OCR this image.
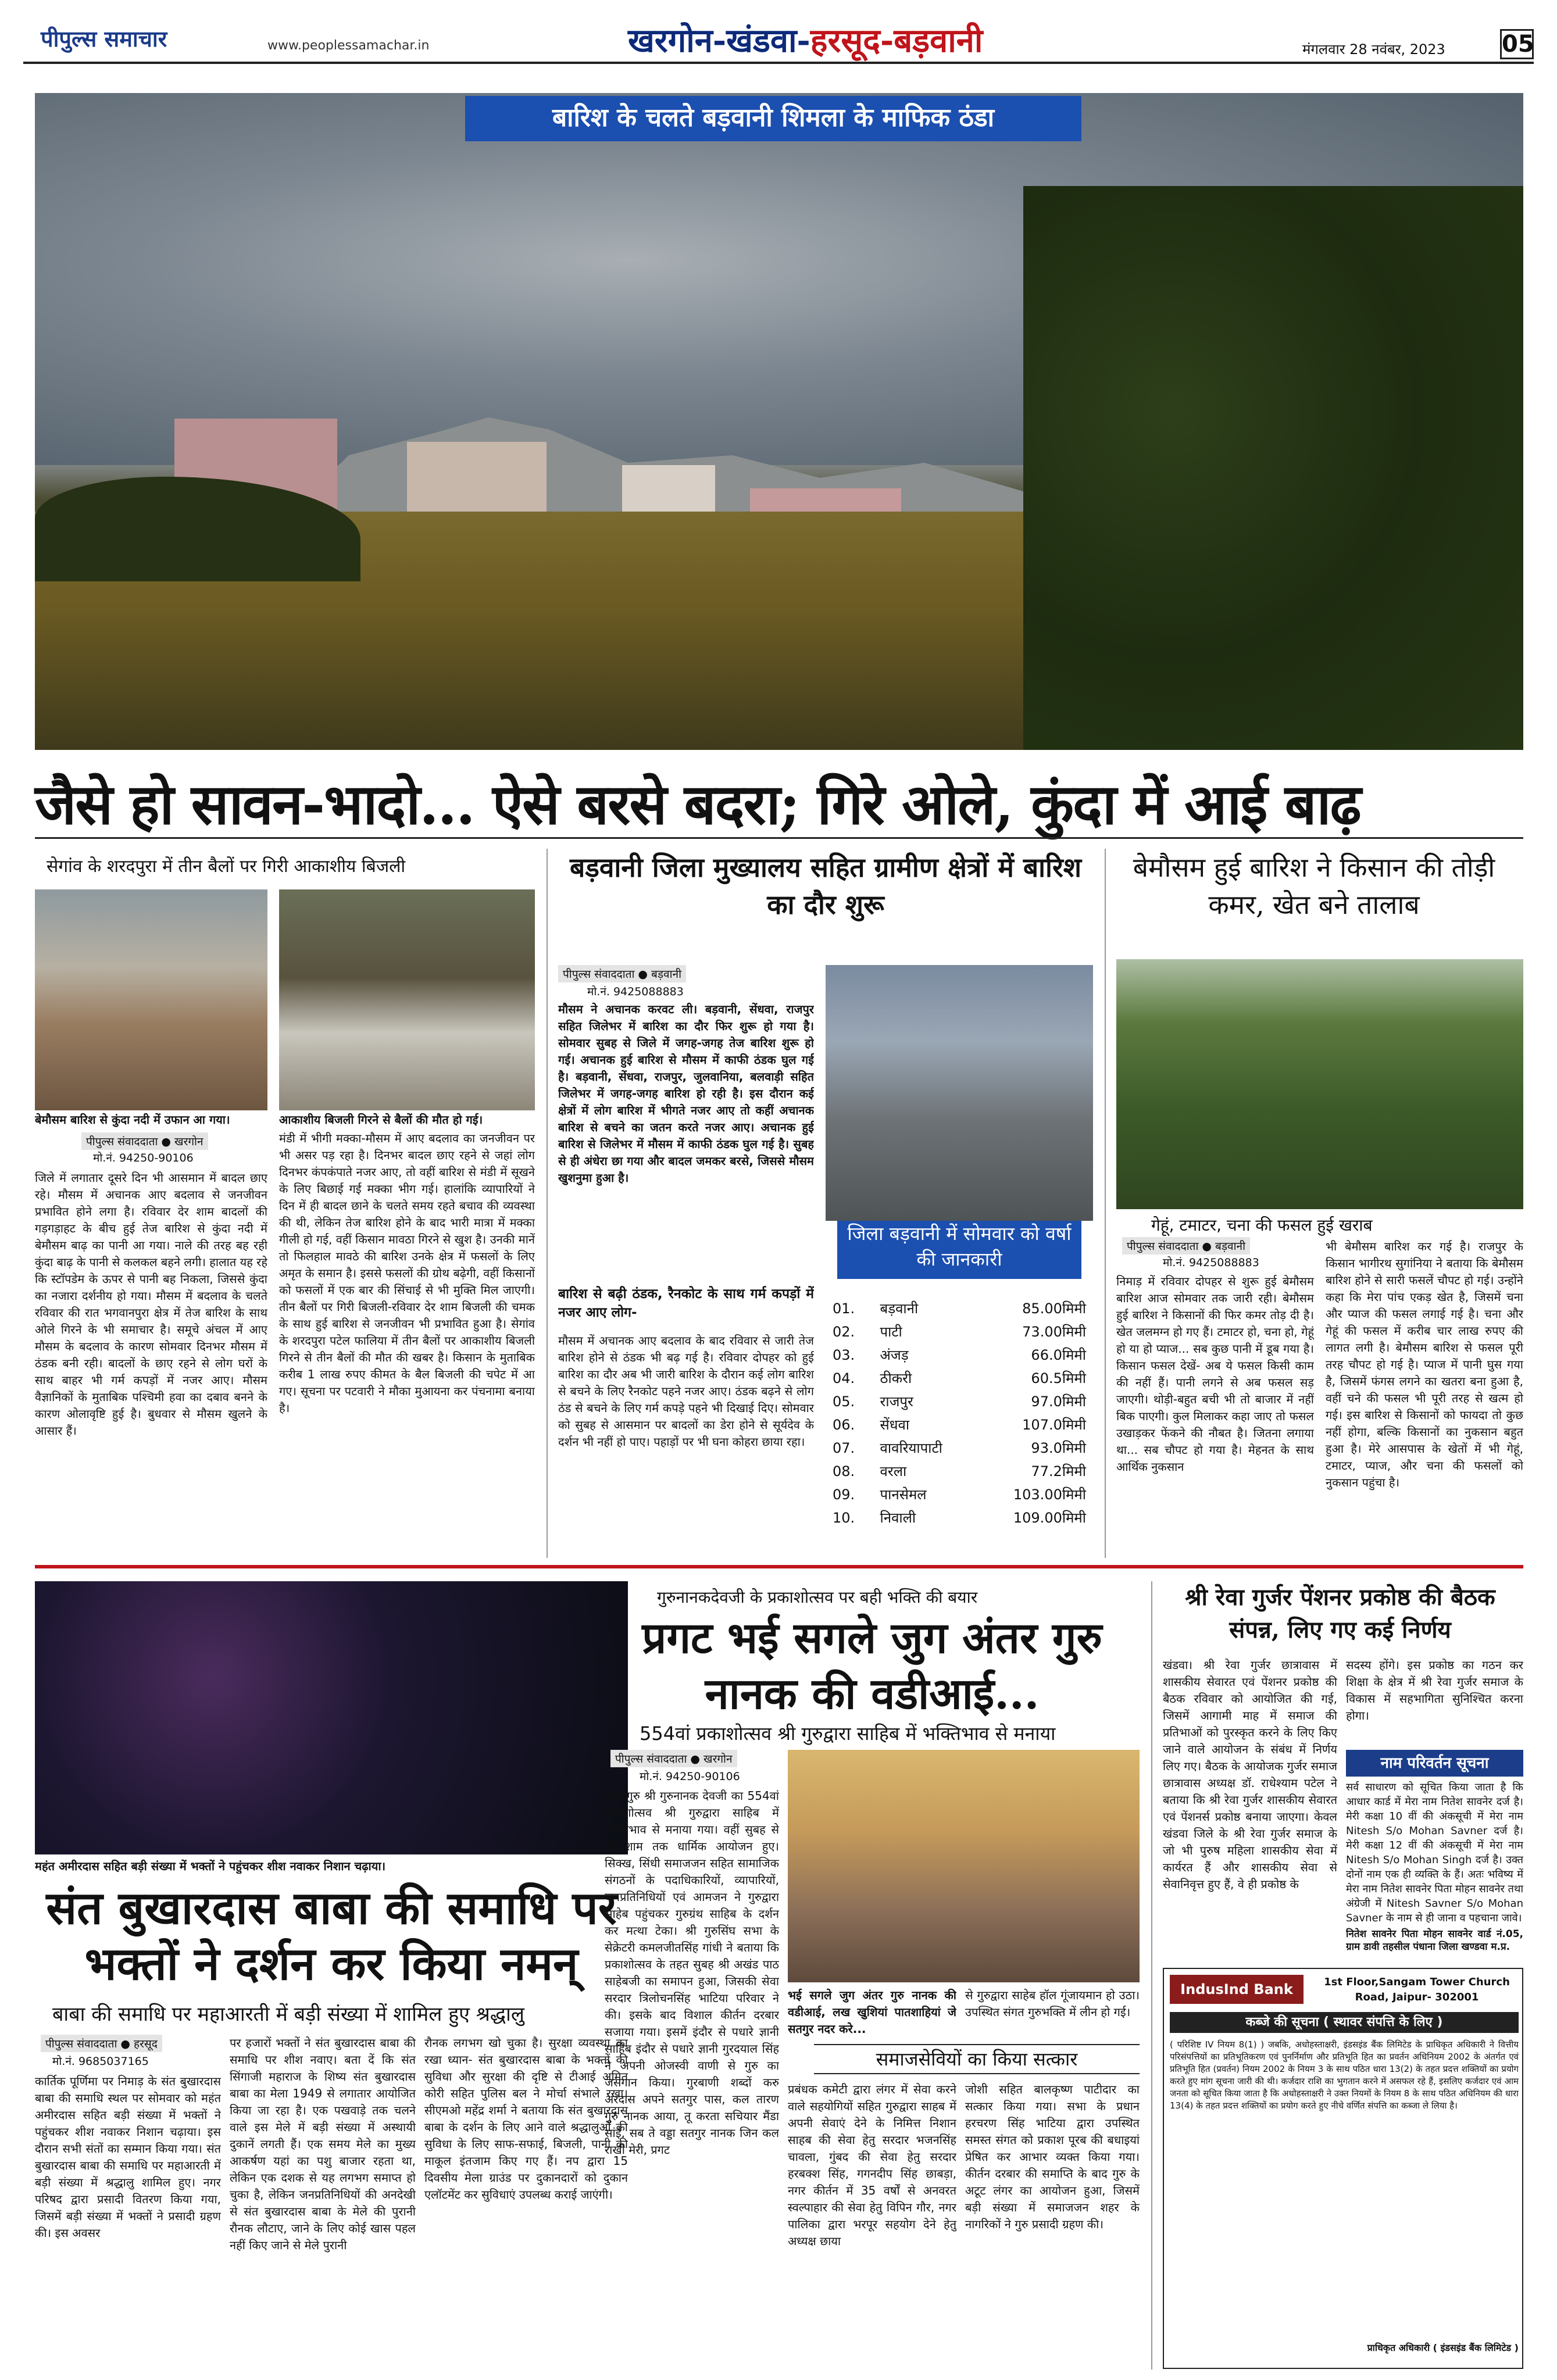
पीपुल्स समाचार	www.peoplessamachar.in	खरगोन-खंडवा-हरसूद-बड़वानी	मंगलवार 28 नवंबर, 2023 05
बारिश के चलते बड़वानी शिमला के माफिक ठंडा
जैसे हो सावन-भादो... ऐसे बरसे बदरा; गिरे ओले, कुंदा में आई बाढ़
सेगांव के शरदपुरा में तीन बैलों पर गिरी आकाशीय बिजली
बेमौसम बारिश से कुंदा नदी में उफान आ गया।	आकाशीय बिजली गिरने से बैलों की मौत हो गई।
पीपुल्स संवाददाता ● खरगोन
मो.नं. 94250-90106
जिले में लगातार दूसरे दिन भी आसमान में बादल छाए रहे। मौसम में अचानक आए बदलाव से जनजीवन प्रभावित होने लगा है। रविवार देर शाम बादलों की गड़गड़ाहट के बीच हुई तेज बारिश से कुंदा नदी में बेमौसम बाढ़ का पानी आ गया। नाले की तरह बह रही कुंदा बाढ़ के पानी से कलकल बहने लगी। हालात यह रहे कि स्टॉपडेम के ऊपर से पानी बह निकला, जिससे कुंदा का नजारा दर्शनीय हो गया। मौसम में बदलाव के चलते रविवार की रात भगवानपुरा क्षेत्र में तेज बारिश के साथ ओले गिरने के भी समाचार है। समूचे अंचल में आए मौसम के बदलाव के कारण सोमवार दिनभर मौसम में ठंडक बनी रही। बादलों के छाए रहने से लोग घरों के साथ बाहर भी गर्म कपड़ों में नजर आए। मौसम वैज्ञानिकों के मुताबिक पश्चिमी हवा का दबाव बनने के कारण ओलावृष्टि हुई है। बुधवार से मौसम खुलने के आसार हैं।
मंडी में भीगी मक्का-मौसम में आए बदलाव का जनजीवन पर भी असर पड़ रहा है। दिनभर बादल छाए रहने से जहां लोग दिनभर कंपकंपाते नजर आए, तो वहीं बारिश से मंडी में सूखने के लिए बिछाई गई मक्का भीग गई। हालांकि व्यापारियों ने दिन में ही बादल छाने के चलते समय रहते बचाव की व्यवस्था की थी, लेकिन तेज बारिश होने के बाद भारी मात्रा में मक्का गीली हो गई, वहीं किसान मावठा गिरने से खुश है। उनकी मानें तो फिलहाल मावठे की बारिश उनके क्षेत्र में फसलों के लिए अमृत के समान है। इससे फसलों की ग्रोथ बढ़ेगी, वहीं किसानों को फसलों में एक बार की सिंचाई से भी मुक्ति मिल जाएगी। तीन बैलों पर गिरी बिजली-रविवार देर शाम बिजली की चमक के साथ हुई बारिश से जनजीवन भी प्रभावित हुआ है। सेगांव के शरदपुरा पटेल फालिया में तीन बैलों पर आकाशीय बिजली गिरने से तीन बैलों की मौत की खबर है। किसान के मुताबिक करीब 1 लाख रुपए कीमत के बैल बिजली की चपेट में आ गए। सूचना पर पटवारी ने मौका मुआयना कर पंचनामा बनाया है।
बड़वानी जिला मुख्यालय सहित ग्रामीण क्षेत्रों में बारिश का दौर शुरू
पीपुल्स संवाददाता ● बड़वानी
मो.नं. 9425088883
मौसम ने अचानक करवट ली। बड़वानी, सेंधवा, राजपुर सहित जिलेभर में बारिश का दौर फिर शुरू हो गया है। सोमवार सुबह से जिले में जगह-जगह तेज बारिश शुरू हो गई। अचानक हुई बारिश से मौसम में काफी ठंडक घुल गई है। बड़वानी, सेंधवा, राजपुर, जुलवानिया, बलवाड़ी सहित जिलेभर में जगह-जगह बारिश हो रही है। इस दौरान कई क्षेत्रों में लोग बारिश में भीगते नजर आए तो कहीं अचानक बारिश से बचने का जतन करते नजर आए। अचानक हुई बारिश से जिलेभर में मौसम में काफी ठंडक घुल गई है। सुबह से ही अंधेरा छा गया और बादल जमकर बरसे, जिससे मौसम खुशनुमा हुआ है।
बारिश से बढ़ी ठंडक, रैनकोट के साथ गर्म कपड़ों में नजर आए लोग-
मौसम में अचानक आए बदलाव के बाद रविवार से जारी तेज बारिश होने से ठंडक भी बढ़ गई है। रविवार दोपहर को हुई बारिश का दौर अब भी जारी बारिश के दौरान कई लोग बारिश से बचने के लिए रैनकोट पहने नजर आए। ठंडक बढ़ने से लोग ठंड से बचने के लिए गर्म कपड़े पहने भी दिखाई दिए। सोमवार को सुबह से आसमान पर बादलों का डेरा होने से सूर्यदेव के दर्शन भी नहीं हो पाए। पहाड़ों पर भी घना कोहरा छाया रहा।
जिला बड़वानी में सोमवार को वर्षा की जानकारी
01.	बड़वानी	85.00मिमी
02.	पाटी	73.00मिमी
03.	अंजड़	66.0मिमी
04.	ठीकरी	60.5मिमी
05.	राजपुर	97.0मिमी
06.	सेंधवा	107.0मिमी
07.	वावरियापाटी	93.0मिमी
08.	वरला	77.2मिमी
09.	पानसेमल	103.00मिमी
10.	निवाली	109.00मिमी
बेमौसम हुई बारिश ने किसान की तोड़ी कमर, खेत बने तालाब
गेहूं, टमाटर, चना की फसल हुई खराब
पीपुल्स संवाददाता ● बड़वानी
मो.नं. 9425088883
निमाड़ में रविवार दोपहर से शुरू हुई बेमौसम बारिश आज सोमवार तक जारी रही। बेमौसम हुई बारिश ने किसानों की फिर कमर तोड़ दी है। खेत जलमग्न हो गए हैं। टमाटर हो, चना हो, गेहूं हो या हो प्याज... सब कुछ पानी में डूब गया है। किसान फसल देखें- अब ये फसल किसी काम की नहीं हैं। पानी लगने से अब फसल सड़ जाएगी। थोड़ी-बहुत बची भी तो बाजार में नहीं बिक पाएगी। कुल मिलाकर कहा जाए तो फसल उखाड़कर फेंकने की नौबत है। जितना लगाया था... सब चौपट हो गया है। मेहनत के साथ आर्थिक नुकसान
भी बेमौसम बारिश कर गई है। राजपुर के किसान भागीरथ सुगांनिया ने बताया कि बेमौसम बारिश होने से सारी फसलें चौपट हो गई। उन्होंने कहा कि मेरा पांच एकड़ खेत है, जिसमें चना और प्याज की फसल लगाई गई है। चना और गेहूं की फसल में करीब चार लाख रुपए की लागत लगी है। बेमौसम बारिश से फसल पूरी तरह चौपट हो गई है। प्याज में पानी घुस गया है, जिसमें फंगस लगने का खतरा बना हुआ है, वहीं चने की फसल भी पूरी तरह से खत्म हो गई। इस बारिश से किसानों को फायदा तो कुछ नहीं होगा, बल्कि किसानों का नुकसान बहुत हुआ है। मेरे आसपास के खेतों में भी गेहूं, टमाटर, प्याज, और चना की फसलों को नुकसान पहुंचा है।
महंत अमीरदास सहित बड़ी संख्या में भक्तों ने पहुंचकर शीश नवाकर निशान चढ़ाया।
संत बुखारदास बाबा की समाधि पर भक्तों ने दर्शन कर किया नमन्
बाबा की समाधि पर महाआरती में बड़ी संख्या में शामिल हुए श्रद्धालु
पीपुल्स संवाददाता ● हरसूद
मो.नं. 9685037165
कार्तिक पूर्णिमा पर निमाड़ के संत बुखारदास बाबा की समाधि स्थल पर सोमवार को महंत अमीरदास सहित बड़ी संख्या में भक्तों ने पहुंचकर शीश नवाकर निशान चढ़ाया। इस दौरान सभी संतों का सम्मान किया गया। संत बुखारदास बाबा की समाधि पर महाआरती में बड़ी संख्या में श्रद्धालु शामिल हुए। नगर परिषद द्वारा प्रसादी वितरण किया गया, जिसमें बड़ी संख्या में भक्तों ने प्रसादी ग्रहण की। इस अवसर
पर हजारों भक्तों ने संत बुखारदास बाबा की समाधि पर शीश नवाए। बता दें कि संत सिंगाजी महाराज के शिष्य संत बुखारदास बाबा का मेला 1949 से लगातार आयोजित किया जा रहा है। एक पखवाड़े तक चलने वाले इस मेले में बड़ी संख्या में अस्थायी दुकानें लगती हैं। एक समय मेले का मुख्य आकर्षण यहां का पशु बाजार रहता था, लेकिन एक दशक से यह लगभग समाप्त हो चुका है, लेकिन जनप्रतिनिधियों की अनदेखी से संत बुखारदास बाबा के मेले की पुरानी रौनक लौटाए, जाने के लिए कोई खास पहल नहीं किए जाने से मेले पुरानी
रौनक लगभग खो चुका है। सुरक्षा व्यवस्था का रखा ध्यान- संत बुखारदास बाबा के भक्तों की सुविधा और सुरक्षा की दृष्टि से टीआई अमित कोरी सहित पुलिस बल ने मोर्चा संभाले रखा। सीएमओ महेंद्र शर्मा ने बताया कि संत बुखारदास बाबा के दर्शन के लिए आने वाले श्रद्धालुओं की सुविधा के लिए साफ-सफाई, बिजली, पानी की माकूल इंतजाम किए गए हैं। नप द्वारा 15 दिवसीय मेला ग्राउंड पर दुकानदारों को दुकान एलॉटमेंट कर सुविधाएं उपलब्ध कराई जाएंगी।
गुरुनानकदेवजी के प्रकाशोत्सव पर बही भक्ति की बयार
प्रगट भई सगले जुग अंतर गुरु नानक की वडीआई...
554वां प्रकाशोत्सव श्री गुरुद्वारा साहिब में भक्तिभाव से मनाया
पीपुल्स संवाददाता ● खरगोन
मो.नं. 94250-90106
जगतगुरु श्री गुरुनानक देवजी का 554वां प्रकाशोत्सव श्री गुरुद्वारा साहिब में भक्तिभाव से मनाया गया। वहीं सुबह से देर शाम तक धार्मिक आयोजन हुए। सिक्ख, सिंधी समाजजन सहित सामाजिक संगठनों के पदाधिकारियों, व्यापारियों, जनप्रतिनिधियों एवं आमजन ने गुरुद्वारा साहेब पहुंचकर गुरुग्रंथ साहिब के दर्शन कर मत्था टेका। श्री गुरुसिंघ सभा के सेक्रेटरी कमलजीतसिंह गांधी ने बताया कि प्रकाशोत्सव के तहत सुबह श्री अखंड पाठ साहेबजी का समापन हुआ, जिसकी सेवा सरदार त्रिलोचनसिंह भाटिया परिवार ने की। इसके बाद विशाल कीर्तन दरबार सजाया गया। इसमें इंदौर से पधारे ज्ञानी साहिब इंदौर से पधारे ज्ञानी गुरदयाल सिंह ने अपनी ओजस्वी वाणी से गुरु का जसगान किया। गुरबाणी शब्दों करु अरदास अपने सतगुर पास, कल तारण गुरु नानक आया, तू करता सचियार मैंडा सांई, सब ते वड्डा सतगुर नानक जिन कल राखी मेरी, प्रगट
भई सगले जुग अंतर गुरु नानक की वडीआई, लख खुशियां पातशाहियां जे सतगुर नदर करे...
से गुरुद्वारा साहेब हॉल गूंजायमान हो उठा। उपस्थित संगत गुरुभक्ति में लीन हो गई।
समाजसेवियों का किया सत्कार
प्रबंधक कमेटी द्वारा लंगर में सेवा करने वाले सहयोगियों सहित गुरुद्वारा साहब में अपनी सेवाएं देने के निमित्त निशान साहब की सेवा हेतु सरदार भजनसिंह चावला, गुंबद की सेवा हेतु सरदार हरबक्श सिंह, गगनदीप सिंह छाबड़ा, नगर कीर्तन में 35 वर्षों से अनवरत स्वल्पाहार की सेवा हेतु विपिन गौर, नगर पालिका द्वारा भरपूर सहयोग देने हेतु अध्यक्ष छाया
जोशी सहित बालकृष्ण पाटीदार का सत्कार किया गया। सभा के प्रधान हरचरण सिंह भाटिया द्वारा उपस्थित समस्त संगत को प्रकाश पूरब की बधाइयां प्रेषित कर आभार व्यक्त किया गया। कीर्तन दरबार की समाप्ति के बाद गुरु के अटूट लंगर का आयोजन हुआ, जिसमें बड़ी संख्या में समाजजन शहर के नागरिकों ने गुरु प्रसादी ग्रहण की।
श्री रेवा गुर्जर पेंशनर प्रकोष्ठ की बैठक संपन्न, लिए गए कई निर्णय
खंडवा। श्री रेवा गुर्जर छात्रावास में शासकीय सेवारत एवं पेंशनर प्रकोष्ठ की बैठक रविवार को आयोजित की गई, जिसमें आगामी माह में समाज की प्रतिभाओं को पुरस्कृत करने के लिए किए जाने वाले आयोजन के संबंध में निर्णय लिए गए। बैठक के आयोजक गुर्जर समाज छात्रावास अध्यक्ष डॉ. राधेश्याम पटेल ने बताया कि श्री रेवा गुर्जर शासकीय सेवारत एवं पेंशनर्स प्रकोष्ठ बनाया जाएगा। केवल खंडवा जिले के श्री रेवा गुर्जर समाज के जो भी पुरुष महिला शासकीय सेवा में कार्यरत हैं और शासकीय सेवा से सेवानिवृत्त हुए हैं, वे ही प्रकोष्ठ के
सदस्य होंगे। इस प्रकोष्ठ का गठन कर शिक्षा के क्षेत्र में श्री रेवा गुर्जर समाज के विकास में सहभागिता सुनिश्चित करना होगा।
नाम परिवर्तन सूचना
सर्व साधारण को सूचित किया जाता है कि आधार कार्ड में मेरा नाम नितेश सावनेर दर्ज है। मेरी कक्षा 10 वीं की अंकसूची में मेरा नाम Nitesh S/o Mohan Savner दर्ज है। मेरी कक्षा 12 वीं की अंकसूची में मेरा नाम Nitesh S/o Mohan Singh दर्ज है। उक्त दोनों नाम एक ही व्यक्ति के हैं। अतः भविष्य में मेरा नाम नितेश सावनेर पिता मोहन सावनेर तथा अंग्रेजी में Nitesh Savner S/o Mohan Savner के नाम से ही जाना व पहचाना जावे।
नितेश सावनेर पिता मोहन सावनेर वार्ड नं.05, ग्राम डावी तहसील पंधाना जिला खण्डवा म.प्र.
IndusInd Bank	1st Floor,Sangam Tower Church Road, Jaipur- 302001
कब्जे की सूचना ( स्थावर संपत्ति के लिए )
( परिशिष्ट IV नियम 8(1) ) जबकि, अधोहस्ताक्षरी, इंडसइंड बैंक लिमिटेड के प्राधिकृत अधिकारी ने वित्तीय परिसंपत्तियों का प्रतिभूतिकरण एवं पुनर्निर्माण और प्रतिभूति हित का प्रवर्तन अधिनियम 2002 के अंतर्गत एवं प्रतिभूति हित (प्रवर्तन) नियम 2002 के नियम 3 के साथ पठित धारा 13(2) के तहत प्रदत्त शक्तियों का प्रयोग करते हुए मांग सूचना जारी की थी। कर्जदार राशि का भुगतान करने में असफल रहे हैं, इसलिए कर्जदार एवं आम जनता को सूचित किया जाता है कि अधोहस्ताक्षरी ने उक्त नियमों के नियम 8 के साथ पठित अधिनियम की धारा 13(4) के तहत प्रदत्त शक्तियों का प्रयोग करते हुए नीचे वर्णित संपत्ति का कब्जा ले लिया है।
प्राधिकृत अधिकारी ( इंडसइंड बैंक लिमिटेड )
